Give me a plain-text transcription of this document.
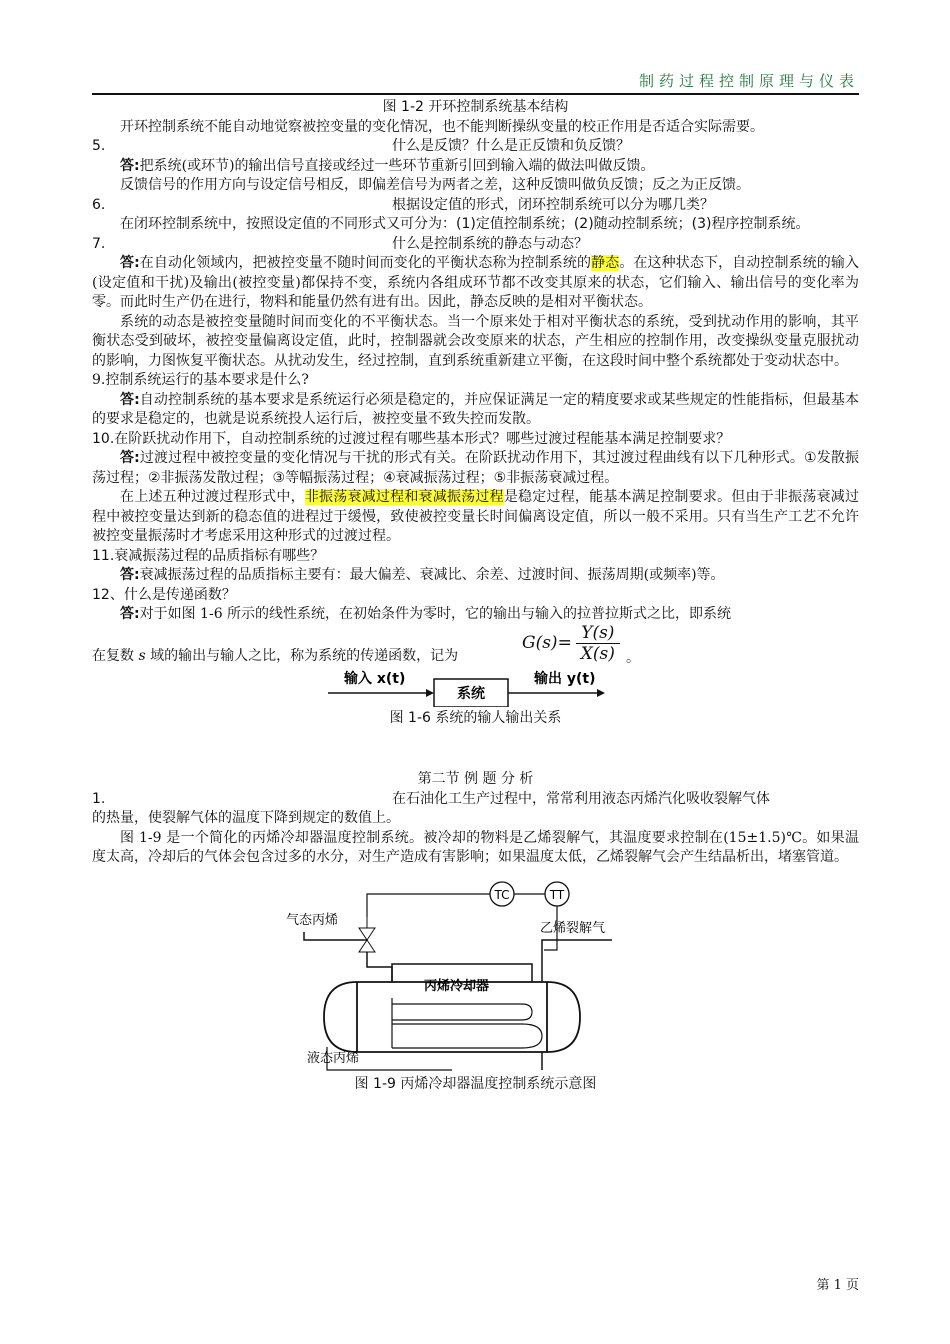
制药过程控制原理与仪表

图 1-2 开环控制系统基本结构

开环控制系统不能自动地觉察被控变量的变化情况，也不能判断操纵变量的校正作用是否适合实际需要。

5.	什么是反馈？什么是正反馈和负反馈？

答:把系统(或环节)的输出信号直接或经过一些环节重新引回到输入端的做法叫做反馈。

反馈信号的作用方向与设定信号相反，即偏差信号为两者之差，这种反馈叫做负反馈；反之为正反馈。

6.	根据设定值的形式，闭环控制系统可以分为哪几类？

在闭环控制系统中，按照设定值的不同形式又可分为：(1)定值控制系统；(2)随动控制系统；(3)程序控制系统。

7.	什么是控制系统的静态与动态？

答:在自动化领域内，把被控变量不随时间而变化的平衡状态称为控制系统的静态。在这种状态下，自动控制系统的输入(设定值和干扰)及输出(被控变量)都保持不变，系统内各组成环节都不改变其原来的状态，它们输入、输出信号的变化率为零。而此时生产仍在进行，物料和能量仍然有进有出。因此，静态反映的是相对平衡状态。

系统的动态是被控变量随时间而变化的不平衡状态。当一个原来处于相对平衡状态的系统，受到扰动作用的影响，其平衡状态受到破坏，被控变量偏离设定值，此时，控制器就会改变原来的状态，产生相应的控制作用，改变操纵变量克服扰动的影响，力图恢复平衡状态。从扰动发生，经过控制，直到系统重新建立平衡，在这段时间中整个系统都处于变动状态中。

9.控制系统运行的基本要求是什么?

答:自动控制系统的基本要求是系统运行必须是稳定的，并应保证满足一定的精度要求或某些规定的性能指标，但最基本的要求是稳定的，也就是说系统投人运行后，被控变量不致失控而发散。

10.在阶跃扰动作用下，自动控制系统的过渡过程有哪些基本形式？哪些过渡过程能基本满足控制要求？

答:过渡过程中被控变量的变化情况与干扰的形式有关。在阶跃扰动作用下，其过渡过程曲线有以下几种形式。①发散振荡过程；②非振荡发散过程；③等幅振荡过程；④衰减振荡过程；⑤非振荡衰减过程。

在上述五种过渡过程形式中，非振荡衰减过程和衰减振荡过程是稳定过程，能基本满足控制要求。但由于非振荡衰减过程中被控变量达到新的稳态值的进程过于缓慢，致使被控变量长时间偏离设定值，所以一般不采用。只有当生产工艺不允许被控变量振荡时才考虑采用这种形式的过渡过程。

11.衰减振荡过程的品质指标有哪些？

答:衰减振荡过程的品质指标主要有：最大偏差、衰减比、余差、过渡时间、振荡周期(或频率)等。

12、什么是传递函数？

答:对于如图 1-6 所示的线性系统，在初始条件为零时，它的输出与输入的拉普拉斯式之比，即系统

$G(s)= \frac{Y(s)}{X(s)}$

在复数 s 域的输出与输人之比，称为系统的传递函数，记为	。
输入 x(t)
系统
输出 y(t)

图 1-6 系统的输人输出关系

第二节 例 题 分 析

1.	在石油化工生产过程中，常常利用液态丙烯汽化吸收裂解气体

的热量，使裂解气体的温度下降到规定的数值上。

图 1-9 是一个简化的丙烯冷却器温度控制系统。被冷却的物料是乙烯裂解气，其温度要求控制在(15±1.5)℃。如果温度太高，冷却后的气体会包含过多的水分，对生产造成有害影响；如果温度太低，乙烯裂解气会产生结晶析出，堵塞管道。

TC	TT
气态丙烯
乙烯裂解气
丙烯冷却器
液态丙烯

图 1-9 丙烯冷却器温度控制系统示意图

第 1 页
